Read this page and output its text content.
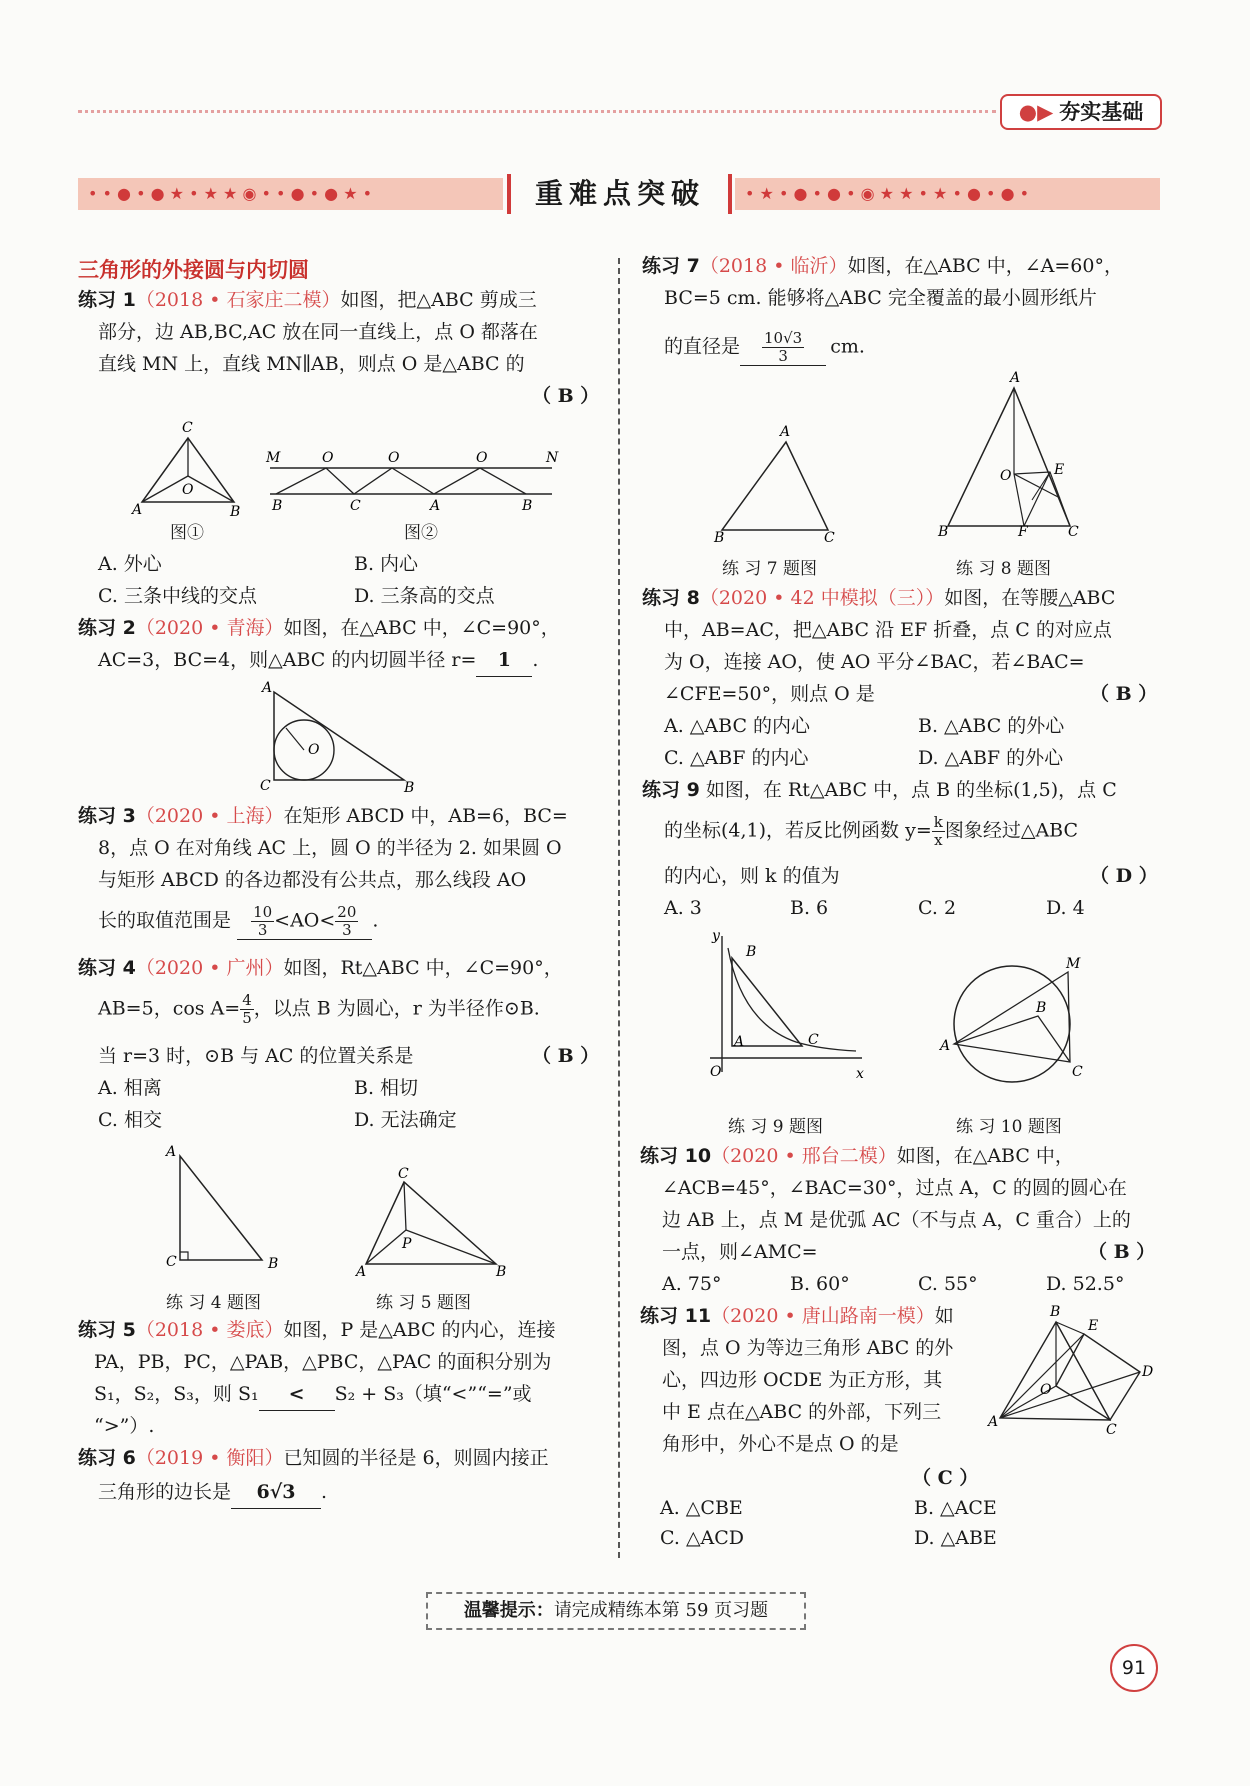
●▶ 夯实基础
• • ● • ● ★ • ★ ★ ◉ • • ● • ● ★ •	重难点突破	• ★ • ● • ● • ◉ ★ ★ • ★ • ● • ● •
三角形的外接圆与内切圆
练习 1（2018 • 石家庄二模）如图，把△ABC 剪成三
部分，边 AB,BC,AC 放在同一直线上，点 O 都落在
直线 MN 上，直线 MN∥AB，则点 O 是△ABC 的
（ B ）
C
A	B
O
图①
M	O	O	O	N
B	C	A	B
图②
A. 外心	B. 内心
C. 三条中线的交点	D. 三条高的交点
练习 2（2020 • 青海）如图，在△ABC 中，∠C=90°，
AC=3，BC=4，则△ABC 的内切圆半径 r= 1 .
A
C	B
O
练习 3（2020 • 上海）在矩形 ABCD 中，AB=6，BC=
8，点 O 在对角线 AC 上，圆 O 的半径为 2. 如果圆 O
与矩形 ABCD 的各边都没有公共点，那么线段 AO
长的取值范围是 $\frac{10}{3} <AO< \frac{20}{3}$ .
练习 4（2020 • 广州）如图，Rt△ABC 中，∠C=90°，
AB=5，$\cos A= \frac{4}{5}$ ，以点 B 为圆心，r 为半径作⊙B.
当 r=3 时，⊙B 与 AC 的位置关系是	（ B ）
A. 相离	B. 相切
C. 相交	D. 无法确定
A
C	B
练 习 4 题图
C
A	B
P
练 习 5 题图
练习 5（2018 • 娄底）如图，P 是△ABC 的内心，连接
PA，PB，PC，△PAB，△PBC，△PAC 的面积分别为
S₁，S₂，S₃，则 S₁ < S₂ + S₃（填“<”“=”或
“>”）.
练习 6（2019 • 衡阳）已知圆的半径是 6，则圆内接正
三角形的边长是 6√3 .
练习 7（2018 • 临沂）如图，在△ABC 中，∠A=60°，
BC=5 cm. 能够将△ABC 完全覆盖的最小圆形纸片
的直径是 $\frac{10√3}{3}$ cm.
A
B	C
练 习 7 题图
A
O	E
B	F	C
练 习 8 题图
练习 8（2020 • 42 中模拟（三））如图，在等腰△ABC
中，AB=AC，把△ABC 沿 EF 折叠，点 C 的对应点
为 O，连接 AO，使 AO 平分∠BAC，若∠BAC=
∠CFE=50°，则点 O 是	（ B ）
A. △ABC 的内心	B. △ABC 的外心
C. △ABF 的内心	D. △ABF 的外心
练习 9 如图，在 Rt△ABC 中，点 B 的坐标(1,5)，点 C
的坐标(4,1)，若反比例函数 $y= \frac{k}{x}$ 图象经过△ABC
的内心，则 k 的值为	（ D ）
A. 3	B. 6	C. 2	D. 4
y
x
O
B
A	C
练 习 9 题图
A
B
C
M
练 习 10 题图
练习 10（2020 • 邢台二模）如图，在△ABC 中，
∠ACB=45°，∠BAC=30°，过点 A，C 的圆的圆心在
边 AB 上，点 M 是优弧 AC（不与点 A，C 重合）上的
一点，则∠AMC=	（ B ）
A. 75°	B. 60°	C. 55°	D. 52.5°
练习 11（2020 • 唐山路南一模）如
图，点 O 为等边三角形 ABC 的外
心，四边形 OCDE 为正方形，其
中 E 点在△ABC 的外部，下列三
角形中，外心不是点 O 的是
（ C ）
B
E
D
O
A	C
A. △CBE	B. △ACE
C. △ACD	D. △ABE
温馨提示：请完成精练本第 59 页习题
91
